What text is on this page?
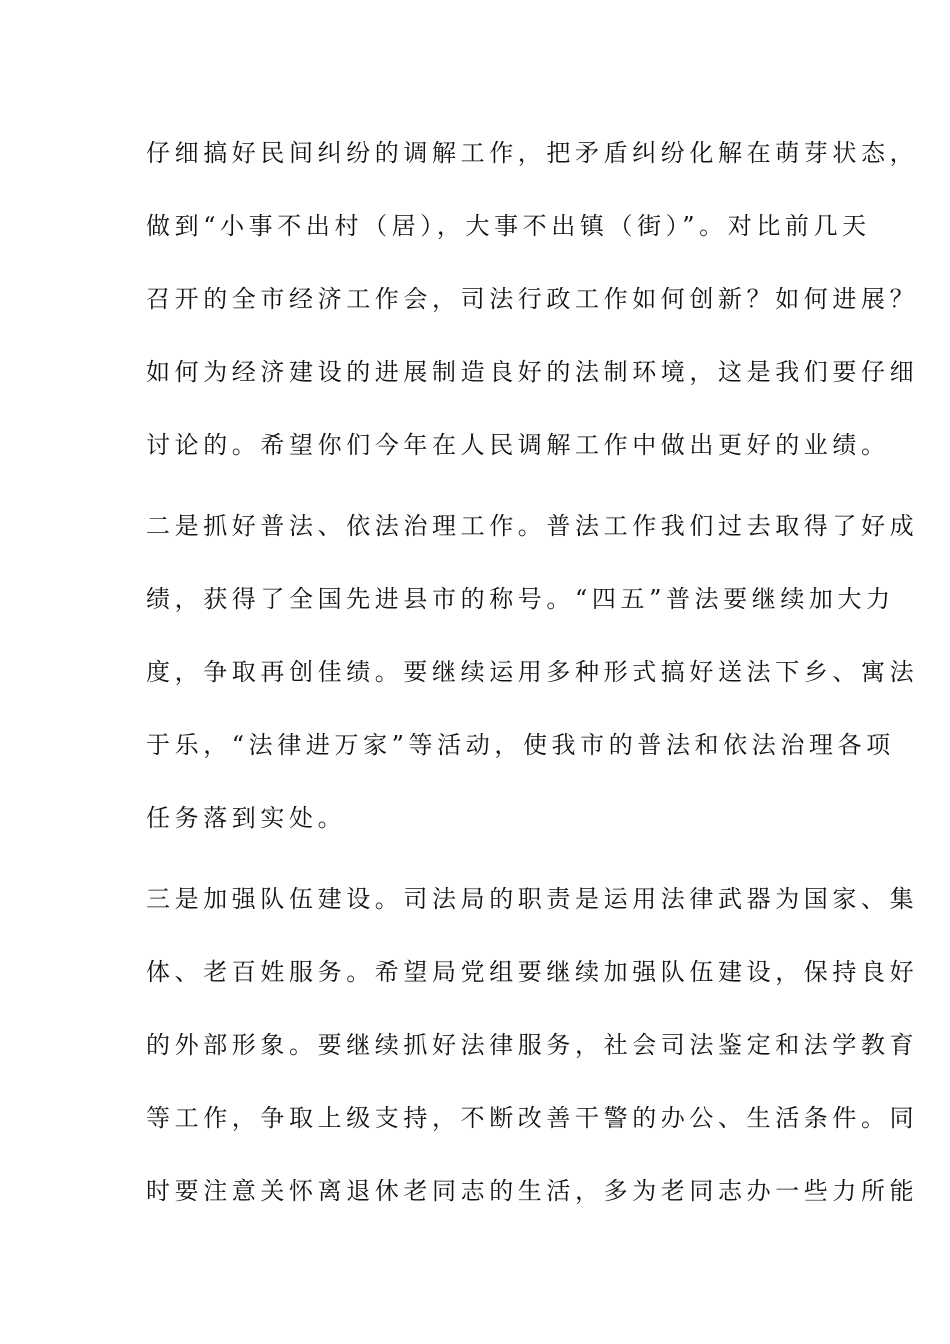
仔细搞好民间纠纷的调解工作，把矛盾纠纷化解在萌芽状态，
做到“小事不出村（居），大事不出镇（街）”。对比前几天
召开的全市经济工作会，司法行政工作如何创新？如何进展？
如何为经济建设的进展制造良好的法制环境，这是我们要仔细
讨论的。希望你们今年在人民调解工作中做出更好的业绩。
二是抓好普法、依法治理工作。普法工作我们过去取得了好成
绩，获得了全国先进县市的称号。“四五”普法要继续加大力
度，争取再创佳绩。要继续运用多种形式搞好送法下乡、寓法
于乐，“法律进万家”等活动，使我市的普法和依法治理各项
任务落到实处。
三是加强队伍建设。司法局的职责是运用法律武器为国家、集
体、老百姓服务。希望局党组要继续加强队伍建设，保持良好
的外部形象。要继续抓好法律服务，社会司法鉴定和法学教育
等工作，争取上级支持，不断改善干警的办公、生活条件。同
时要注意关怀离退休老同志的生活，多为老同志办一些力所能
